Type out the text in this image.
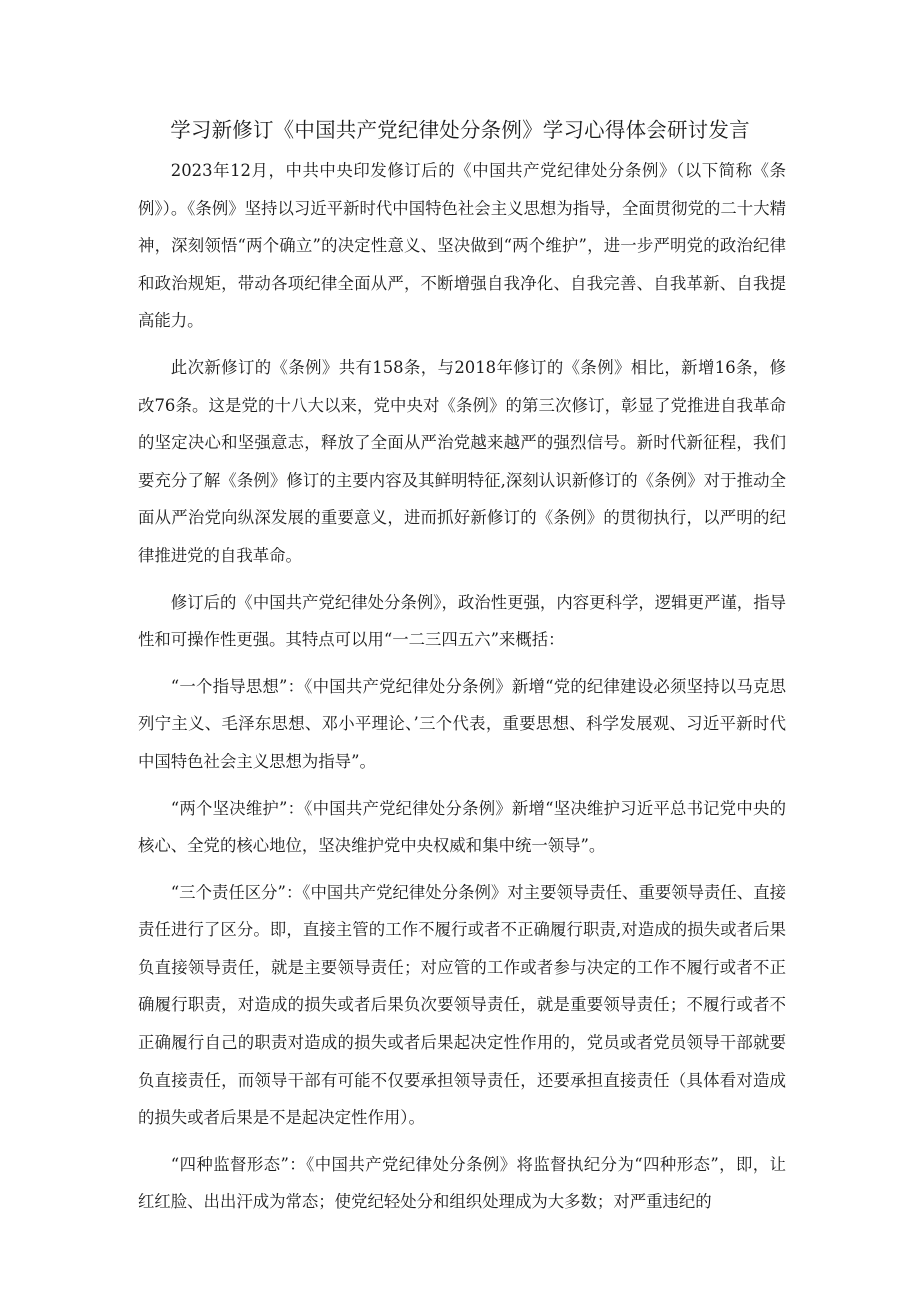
学习新修订《中国共产党纪律处分条例》学习心得体会研讨发言

2023年12月，中共中央印发修订后的《中国共产党纪律处分条例》（以下简称《条例》）。《条例》坚持以习近平新时代中国特色社会主义思想为指导，全面贯彻党的二十大精神，深刻领悟“两个确立”的决定性意义、坚决做到“两个维护”，进一步严明党的政治纪律和政治规矩，带动各项纪律全面从严，不断增强自我净化、自我完善、自我革新、自我提高能力。

此次新修订的《条例》共有158条，与2018年修订的《条例》相比，新增16条，修改76条。这是党的十八大以来，党中央对《条例》的第三次修订，彰显了党推进自我革命的坚定决心和坚强意志，释放了全面从严治党越来越严的强烈信号。新时代新征程，我们要充分了解《条例》修订的主要内容及其鲜明特征,深刻认识新修订的《条例》对于推动全面从严治党向纵深发展的重要意义，进而抓好新修订的《条例》的贯彻执行，以严明的纪律推进党的自我革命。

修订后的《中国共产党纪律处分条例》，政治性更强，内容更科学，逻辑更严谨，指导性和可操作性更强。其特点可以用“一二三四五六”来概括：

“一个指导思想”：《中国共产党纪律处分条例》新增“党的纪律建设必须坚持以马克思列宁主义、毛泽东思想、邓小平理论、’三个代表，重要思想、科学发展观、习近平新时代中国特色社会主义思想为指导”。

“两个坚决维护”：《中国共产党纪律处分条例》新增“坚决维护习近平总书记党中央的核心、全党的核心地位，坚决维护党中央权威和集中统一领导”。

“三个责任区分”：《中国共产党纪律处分条例》对主要领导责任、重要领导责任、直接责任进行了区分。即，直接主管的工作不履行或者不正确履行职责,对造成的损失或者后果负直接领导责任，就是主要领导责任；对应管的工作或者参与决定的工作不履行或者不正确履行职责，对造成的损失或者后果负次要领导责任，就是重要领导责任；不履行或者不正确履行自己的职责对造成的损失或者后果起决定性作用的，党员或者党员领导干部就要负直接责任，而领导干部有可能不仅要承担领导责任，还要承担直接责任（具体看对造成的损失或者后果是不是起决定性作用）。

“四种监督形态”：《中国共产党纪律处分条例》将监督执纪分为“四种形态”，即，让红红脸、出出汗成为常态；使党纪轻处分和组织处理成为大多数；对严重违纪的
